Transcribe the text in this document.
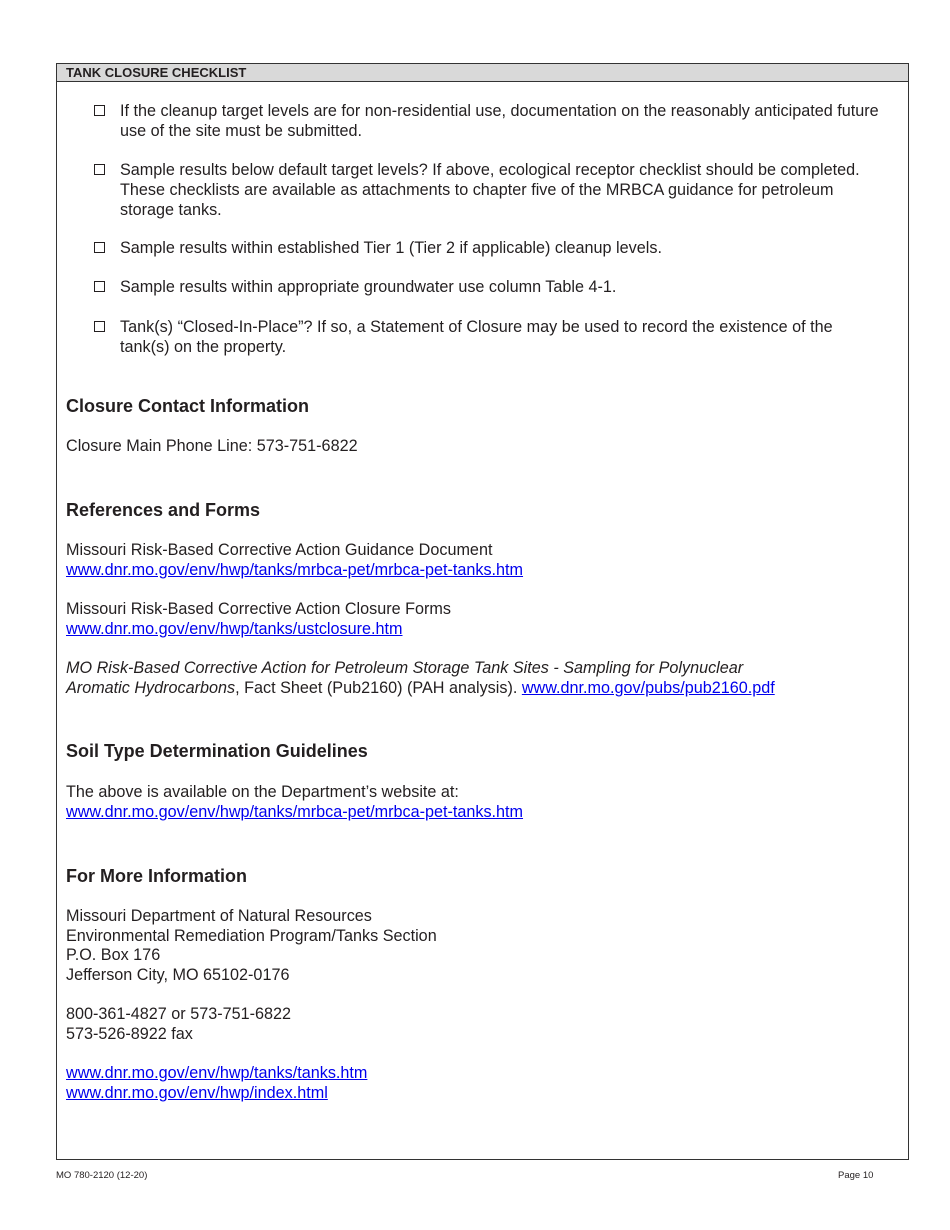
TANK CLOSURE CHECKLIST
If the cleanup target levels are for non-residential use, documentation on the reasonably anticipated future use of the site must be submitted.
Sample results below default target levels? If above, ecological receptor checklist should be completed. These checklists are available as attachments to chapter five of the MRBCA guidance for petroleum storage tanks.
Sample results within established Tier 1 (Tier 2 if applicable) cleanup levels.
Sample results within appropriate groundwater use column Table 4-1.
Tank(s) “Closed-In-Place”? If so, a Statement of Closure may be used to record the existence of the tank(s) on the property.
Closure Contact Information
Closure Main Phone Line: 573-751-6822
References and Forms
Missouri Risk-Based Corrective Action Guidance Document
www.dnr.mo.gov/env/hwp/tanks/mrbca-pet/mrbca-pet-tanks.htm
Missouri Risk-Based Corrective Action Closure Forms
www.dnr.mo.gov/env/hwp/tanks/ustclosure.htm
MO Risk-Based Corrective Action for Petroleum Storage Tank Sites - Sampling for Polynuclear
Aromatic Hydrocarbons, Fact Sheet (Pub2160) (PAH analysis). www.dnr.mo.gov/pubs/pub2160.pdf
Soil Type Determination Guidelines
The above is available on the Department’s website at:
www.dnr.mo.gov/env/hwp/tanks/mrbca-pet/mrbca-pet-tanks.htm
For More Information
Missouri Department of Natural Resources
Environmental Remediation Program/Tanks Section
P.O. Box 176
Jefferson City, MO 65102-0176
800-361-4827 or 573-751-6822
573-526-8922 fax
www.dnr.mo.gov/env/hwp/tanks/tanks.htm
www.dnr.mo.gov/env/hwp/index.html
MO 780-2120 (12-20)	Page 10
